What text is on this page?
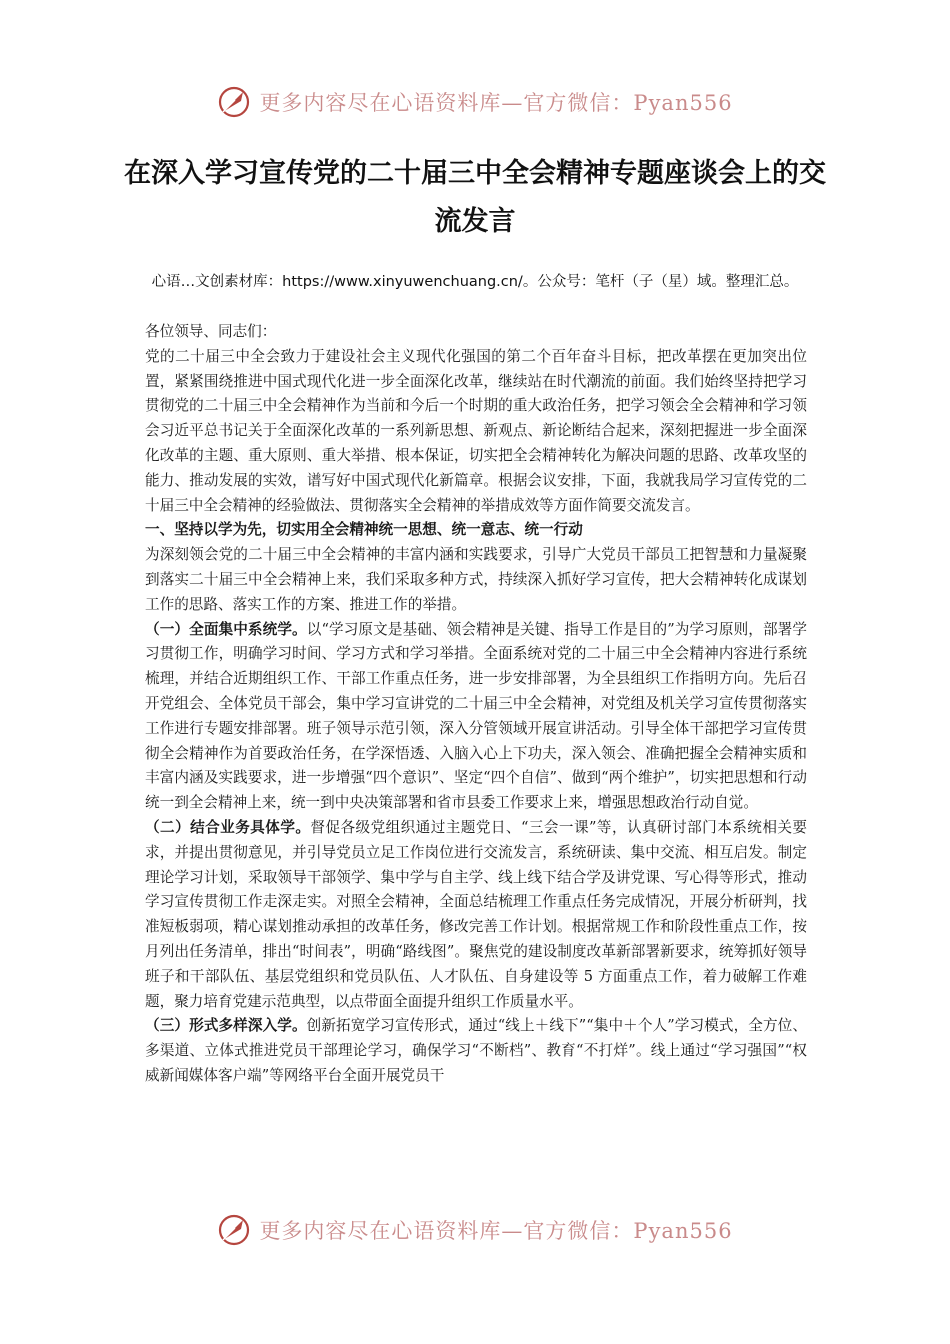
更多内容尽在心语资料库—官方微信：Pyan556
在深入学习宣传党的二十届三中全会精神专题座谈会上的交流发言
心语…文创素材库：https://www.xinyuwenchuang.cn/。公众号：笔杆（子（星）域。整理汇总。

各位领导、同志们：

党的二十届三中全会致力于建设社会主义现代化强国的第二个百年奋斗目标，把改革摆在更加突出位置，紧紧围绕推进中国式现代化进一步全面深化改革，继续站在时代潮流的前面。我们始终坚持把学习贯彻党的二十届三中全会精神作为当前和今后一个时期的重大政治任务，把学习领会全会精神和学习领会习近平总书记关于全面深化改革的一系列新思想、新观点、新论断结合起来，深刻把握进一步全面深化改革的主题、重大原则、重大举措、根本保证，切实把全会精神转化为解决问题的思路、改革攻坚的能力、推动发展的实效，谱写好中国式现代化新篇章。根据会议安排，下面，我就我局学习宣传党的二十届三中全会精神的经验做法、贯彻落实全会精神的举措成效等方面作简要交流发言。

一、坚持以学为先，切实用全会精神统一思想、统一意志、统一行动

为深刻领会党的二十届三中全会精神的丰富内涵和实践要求，引导广大党员干部员工把智慧和力量凝聚到落实二十届三中全会精神上来，我们采取多种方式，持续深入抓好学习宣传，把大会精神转化成谋划工作的思路、落实工作的方案、推进工作的举措。

（一）全面集中系统学。以“学习原文是基础、领会精神是关键、指导工作是目的”为学习原则，部署学习贯彻工作，明确学习时间、学习方式和学习举措。全面系统对党的二十届三中全会精神内容进行系统梳理，并结合近期组织工作、干部工作重点任务，进一步安排部署，为全县组织工作指明方向。先后召开党组会、全体党员干部会，集中学习宣讲党的二十届三中全会精神，对党组及机关学习宣传贯彻落实工作进行专题安排部署。班子领导示范引领，深入分管领域开展宣讲活动。引导全体干部把学习宣传贯彻全会精神作为首要政治任务，在学深悟透、入脑入心上下功夫，深入领会、准确把握全会精神实质和丰富内涵及实践要求，进一步增强“四个意识”、坚定“四个自信”、做到“两个维护”，切实把思想和行动统一到全会精神上来，统一到中央决策部署和省市县委工作要求上来，增强思想政治行动自觉。

（二）结合业务具体学。督促各级党组织通过主题党日、“三会一课”等，认真研讨部门本系统相关要求，并提出贯彻意见，并引导党员立足工作岗位进行交流发言，系统研读、集中交流、相互启发。制定理论学习计划，采取领导干部领学、集中学与自主学、线上线下结合学及讲党课、写心得等形式，推动学习宣传贯彻工作走深走实。对照全会精神，全面总结梳理工作重点任务完成情况，开展分析研判，找准短板弱项，精心谋划推动承担的改革任务，修改完善工作计划。根据常规工作和阶段性重点工作，按月列出任务清单，排出“时间表”，明确“路线图”。聚焦党的建设制度改革新部署新要求，统筹抓好领导班子和干部队伍、基层党组织和党员队伍、人才队伍、自身建设等 5 方面重点工作，着力破解工作难题，聚力培育党建示范典型，以点带面全面提升组织工作质量水平。

（三）形式多样深入学。创新拓宽学习宣传形式，通过“线上＋线下”“集中＋个人”学习模式，全方位、多渠道、立体式推进党员干部理论学习，确保学习“不断档”、教育“不打烊”。线上通过“学习强国”“权威新闻媒体客户端”等网络平台全面开展党员干

更多内容尽在心语资料库—官方微信：Pyan556
